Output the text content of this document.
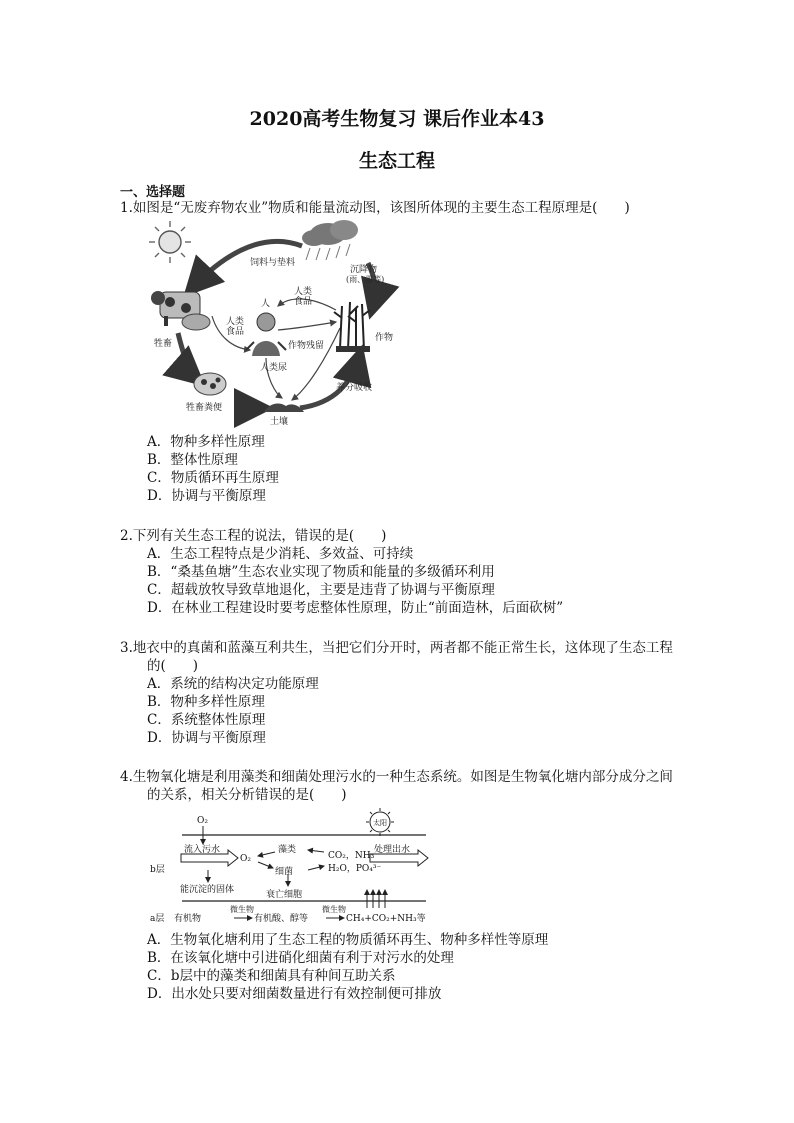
2020高考生物复习 课后作业本43
生态工程
一、选择题
1.如图是“无废弃物农业”物质和能量流动图，该图所体现的主要生态工程原理是(　　)
饲料与垫料
沉降物
(雨、雪等)
人
人类
食品
人类
食品
牲畜	作物残留
作物
人类尿
牲畜粪便
养分吸收
土壤
A．物种多样性原理
B．整体性原理
C．物质循环再生原理
D．协调与平衡原理
2.下列有关生态工程的说法，错误的是(　　)
A．生态工程特点是少消耗、多效益、可持续
B．“桑基鱼塘”生态农业实现了物质和能量的多级循环利用
C．超载放牧导致草地退化，主要是违背了协调与平衡原理
D．在林业工程建设时要考虑整体性原理，防止“前面造林，后面砍树”
3.地衣中的真菌和蓝藻互利共生，当把它们分开时，两者都不能正常生长，这体现了生态工程
的(　　)
A．系统的结构决定功能原理
B．物种多样性原理
C．系统整体性原理
D．协调与平衡原理
4.生物氧化塘是利用藻类和细菌处理污水的一种生态系统。如图是生物氧化塘内部分成分之间
的关系，相关分析错误的是(　　)
O₂	太阳
流入污水
O₂
藻类
CO₂，NH₃
H₂O，PO₄³⁻
处理出水
b层	细菌
能沉淀的固体	衰亡细胞
a层 有机物
微生物
有机酸、醇等
微生物
CH₄+CO₂+NH₃等
A．生物氧化塘利用了生态工程的物质循环再生、物种多样性等原理
B．在该氧化塘中引进硝化细菌有利于对污水的处理
C．b层中的藻类和细菌具有种间互助关系
D．出水处只要对细菌数量进行有效控制便可排放
